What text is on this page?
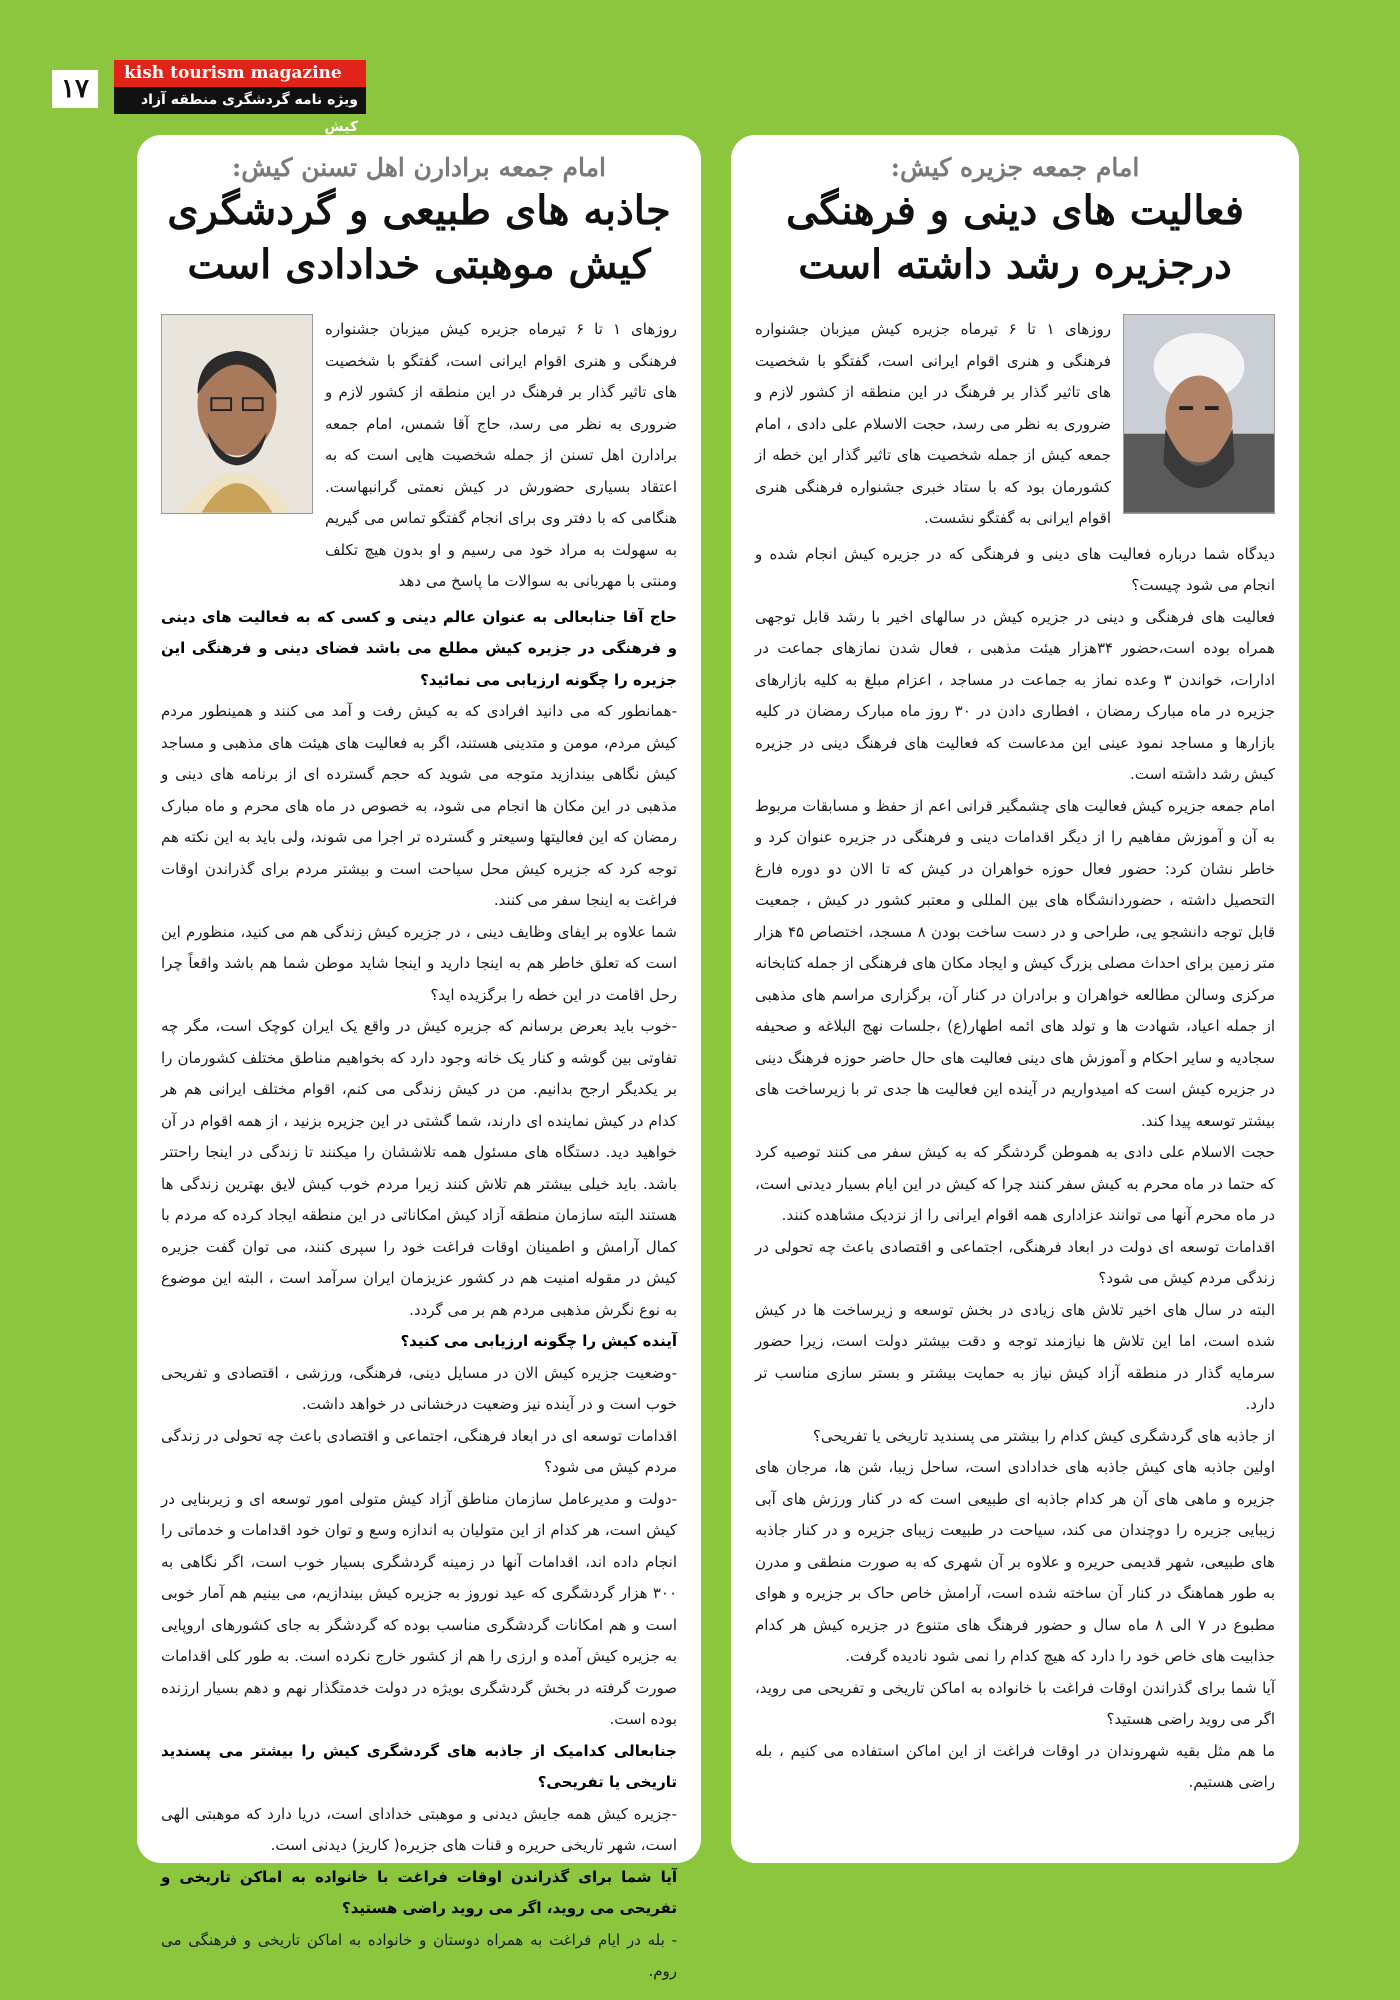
۱۷
kish tourism magazine
ویژه نامه گردشگری منطقه آزاد کیش
امام جمعه جزیره کیش:
فعالیت های دینی و فرهنگی درجزیره رشد داشته است

روزهای ۱ تا ۶ تیرماه جزیره کیش میزبان جشنواره فرهنگی و هنری اقوام ایرانی است، گفتگو با شخصیت های تاثیر گذار بر فرهنگ در این منطقه از کشور لازم و ضروری به نظر می رسد، حجت الاسلام علی دادی ، امام جمعه کیش از جمله شخصیت های تاثیر گذار این خطه از کشورمان بود که با ستاد خبری جشنواره فرهنگی هنری اقوام ایرانی به گفتگو نشست.

دیدگاه شما درباره فعالیت های دینی و فرهنگی که در جزیره کیش انجام شده و انجام می شود چیست؟

فعالیت های فرهنگی و دینی در جزیره کیش در سالهای اخیر با رشد قابل توجهی همراه بوده است،حضور ۳۴هزار هیئت مذهبی ، فعال شدن نمازهای جماعت در ادارات، خواندن ۳ وعده نماز به جماعت در مساجد ، اعزام مبلغ به کلیه بازارهای جزیره در ماه مبارک رمضان ، افطاری دادن در ۳۰ روز ماه مبارک رمضان در کلیه بازارها و مساجد نمود عینی این مدعاست که فعالیت های فرهنگ دینی در جزیره کیش رشد داشته است.

امام جمعه جزیره کیش فعالیت های چشمگیر قرانی اعم از حفظ و مسابقات مربوط به آن و آموزش مفاهیم را از دیگر اقدامات دینی و فرهنگی در جزیره عنوان کرد و خاطر نشان کرد: حضور فعال حوزه خواهران در کیش که تا الان دو دوره فارغ التحصیل داشته ، حضوردانشگاه های بین المللی و معتبر کشور در کیش ، جمعیت قابل توجه دانشجو یی، طراحی و در دست ساخت بودن ۸ مسجد، اختصاص ۴۵ هزار متر زمین برای احداث مصلی بزرگ کیش و ایجاد مکان های فرهنگی از جمله کتابخانه مرکزی وسالن مطالعه خواهران و برادران در کنار آن، برگزاری مراسم های مذهبی از جمله اعیاد، شهادت ها و تولد های ائمه اطهار(ع) ،جلسات نهج البلاغه و صحیفه سجادیه و سایر احکام و آموزش های دینی فعالیت های حال حاضر حوزه فرهنگ دینی در جزیره کیش است که امیدواریم در آینده این فعالیت ها جدی تر با زیرساخت های بیشتر توسعه پیدا کند.

حجت الاسلام علی دادی به هموطن گردشگر که به کیش سفر می کنند توصیه کرد که حتما در ماه محرم به کیش سفر کنند چرا که کیش در این ایام بسیار دیدنی است، در ماه محرم آنها می توانند عزاداری همه اقوام ایرانی را از نزدیک مشاهده کنند.

اقدامات توسعه ای دولت در ابعاد فرهنگی، اجتماعی و اقتصادی باعث چه تحولی در زندگی مردم کیش می شود؟

البته در سال های اخیر تلاش های زیادی در بخش توسعه و زیرساخت ها در کیش شده است، اما این تلاش ها نیازمند توجه و دقت بیشتر دولت است، زیرا حضور سرمایه گذار در منطقه آزاد کیش نیاز به حمایت بیشتر و بستر سازی مناسب تر دارد.

از جاذبه های گردشگری کیش کدام را بیشتر می پسندید تاریخی یا تفریحی؟

اولین جاذبه های کیش جاذبه های خدادادی است، ساحل زیبا، شن ها، مرجان های جزیره و ماهی های آن هر کدام جاذبه ای طبیعی است که در کنار ورزش های آبی زیبایی جزیره را دوچندان می کند، سیاحت در طبیعت زیبای جزیره و در کنار جاذبه های طبیعی، شهر قدیمی حریره و علاوه بر آن شهری که به صورت منطقی و مدرن به طور هماهنگ در کنار آن ساخته شده است، آرامش خاص حاک بر جزیره و هوای مطبوع در ۷ الی ۸ ماه سال و حضور فرهنگ های متنوع در جزیره کیش هر کدام جذابیت های خاص خود را دارد که هیچ کدام را نمی شود نادیده گرفت.

آیا شما برای گذراندن اوقات فراغت با خانواده به اماکن تاریخی و تفریحی می روید، اگر می روید راضی هستید؟

ما هم مثل بقیه شهروندان در اوقات فراغت از این اماکن استفاده می کنیم ، بله راضی هستیم.

امام جمعه برادارن اهل تسنن کیش:
جاذبه های طبیعی و گردشگری کیش موهبتی خدادادی است

روزهای ۱ تا ۶ تیرماه جزیره کیش میزبان جشنواره فرهنگی و هنری اقوام ایرانی است، گفتگو با شخصیت های تاثیر گذار بر فرهنگ در این منطقه از کشور لازم و ضروری به نظر می رسد، حاج آقا شمس، امام جمعه برادارن اهل تسنن از جمله شخصیت هایی است که به اعتقاد بسیاری حضورش در کیش نعمتی گرانبهاست. هنگامی که با دفتر وی برای انجام گفتگو تماس می گیریم به سهولت به مراد خود می رسیم و او بدون هیچ تکلف ومنتی با مهربانی به سوالات ما پاسخ می دهد

حاج آقا جنابعالی به عنوان عالم دینی و کسی که به فعالیت های دینی و فرهنگی در جزیره کیش مطلع می باشد فضای دینی و فرهنگی این جزیره را چگونه ارزیابی می نمائید؟

-همانطور که می دانید افرادی که به کیش رفت و آمد می کنند و همینطور مردم کیش مردم، مومن و متدینی هستند، اگر به فعالیت های هیئت های مذهبی و مساجد کیش نگاهی بیندازید متوجه می شوید که حجم گسترده ای از برنامه های دینی و مذهبی در این مکان ها انجام می شود، به خصوص در ماه های محرم و ماه مبارک رمضان که این فعالیتها وسیعتر و گسترده تر اجرا می شوند، ولی باید به این نکته هم توجه کرد که جزیره کیش محل سیاحت است و بیشتر مردم برای گذراندن اوقات فراغت به اینجا سفر می کنند.

شما علاوه بر ایفای وظایف دینی ، در جزیره کیش زندگی هم می کنید، منظورم این است که تعلق خاطر هم به اینجا دارید و اینجا شاید موطن شما هم باشد واقعاً چرا رحل اقامت در این خطه را برگزیده اید؟

-خوب باید بعرض برسانم که جزیره کیش در واقع یک ایران کوچک است، مگر چه تفاوتی بین گوشه و کنار یک خانه وجود دارد که بخواهیم مناطق مختلف کشورمان را بر یکدیگر ارجح بدانیم. من در کیش زندگی می کنم، اقوام مختلف ایرانی هم هر کدام در کیش نماینده ای دارند، شما گشتی در این جزیره بزنید ، از همه اقوام در آن خواهید دید. دستگاه های مسئول همه تلاششان را میکنند تا زندگی در اینجا راحتتر باشد. باید خیلی بیشتر هم تلاش کنند زیرا مردم خوب کیش لایق بهترین زندگی ها هستند البته سازمان منطقه آزاد کیش امکاناتی در این منطقه ایجاد کرده که مردم با کمال آرامش و اطمینان اوقات فراغت خود را سپری کنند، می توان گفت جزیره کیش در مقوله امنیت هم در کشور عزیزمان ایران سرآمد است ، البته این موضوع به نوع نگرش مذهبی مردم هم بر می گردد.

آینده کیش را چگونه ارزیابی می کنید؟

-وضعیت جزیره کیش الان در مسایل دینی، فرهنگی، ورزشی ، اقتصادی و تفریحی خوب است و در آینده نیز وضعیت درخشانی در خواهد داشت.

اقدامات توسعه ای در ابعاد فرهنگی، اجتماعی و اقتصادی باعث چه تحولی در زندگی مردم کیش می شود؟

-دولت و مدیرعامل سازمان مناطق آزاد کیش متولی امور توسعه ای و زیربنایی در کیش است، هر کدام از این متولیان به اندازه وسع و توان خود اقدامات و خدماتی را انجام داده اند، اقدامات آنها در زمینه گردشگری بسیار خوب است، اگر نگاهی به ۳۰۰ هزار گردشگری که عید نوروز به جزیره کیش بیندازیم، می بینیم هم آمار خوبی است و هم امکانات گردشگری مناسب بوده که گردشگر به جای کشورهای اروپایی به جزیره کیش آمده و ارزی را هم از کشور خارج نکرده است. به طور کلی اقدامات صورت گرفته در بخش گردشگری بویژه در دولت خدمتگذار نهم و دهم بسیار ارزنده بوده است.

جنابعالی کدامیک از جاذبه های گردشگری کیش را بیشتر می پسندید تاریخی یا تفریحی؟

-جزیره کیش همه جایش دیدنی و موهبتی خدادای است، دریا دارد که موهبتی الهی است، شهر تاریخی حریره و قنات های جزیره( کاریز) دیدنی است.

آیا شما برای گذراندن اوقات فراغت با خانواده به اماکن تاریخی و تفریحی می روید، اگر می روید راضی هستید؟

- بله در ایام فراغت به همراه دوستان و خانواده به اماکن تاریخی و فرهنگی می روم.
